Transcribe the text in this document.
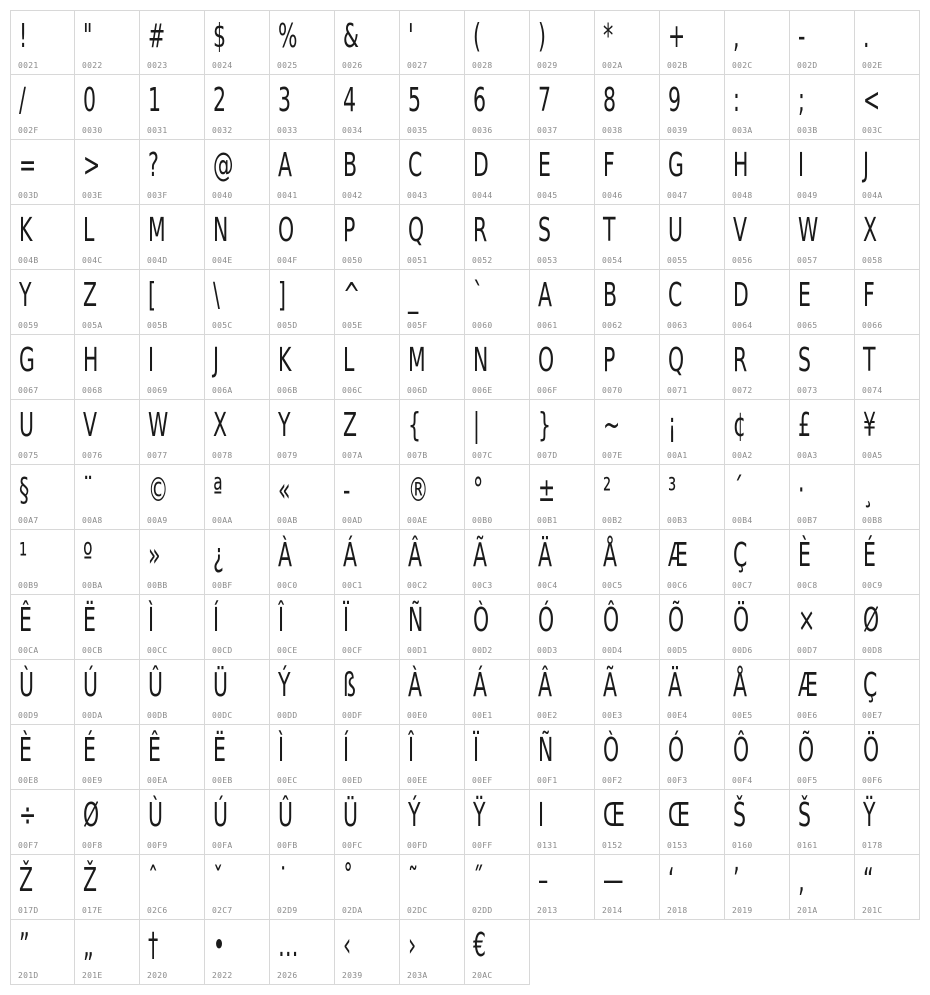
!
0021
"
0022
#
0023
$
0024
%
0025
&
0026
'
0027
(
0028
)
0029
*
002A
+
002B
,
002C
-
002D
.
002E
/
002F
0
0030
1
0031
2
0032
3
0033
4
0034
5
0035
6
0036
7
0037
8
0038
9
0039
:
003A
;
003B
<
003C
=
003D
>
003E
?
003F
@
0040
A
0041
B
0042
C
0043
D
0044
E
0045
F
0046
G
0047
H
0048
I
0049
J
004A
K
004B
L
004C
M
004D
N
004E
O
004F
P
0050
Q
0051
R
0052
S
0053
T
0054
U
0055
V
0056
W
0057
X
0058
Y
0059
Z
005A
[
005B
\
005C
]
005D
^
005E
_
005F
`
0060
A
0061
B
0062
C
0063
D
0064
E
0065
F
0066
G
0067
H
0068
I
0069
J
006A
K
006B
L
006C
M
006D
N
006E
O
006F
P
0070
Q
0071
R
0072
S
0073
T
0074
U
0075
V
0076
W
0077
X
0078
Y
0079
Z
007A
{
007B
|
007C
}
007D
~
007E
¡
00A1
¢
00A2
£
00A3
¥
00A5
§
00A7
¨
00A8
©
00A9
ª
00AA
«
00AB
-
00AD
®
00AE
°
00B0
±
00B1
²
00B2
³
00B3
´
00B4
·
00B7
¸
00B8
¹
00B9
º
00BA
»
00BB
¿
00BF
À
00C0
Á
00C1
Â
00C2
Ã
00C3
Ä
00C4
Å
00C5
Æ
00C6
Ç
00C7
È
00C8
É
00C9
Ê
00CA
Ë
00CB
Ì
00CC
Í
00CD
Î
00CE
Ï
00CF
Ñ
00D1
Ò
00D2
Ó
00D3
Ô
00D4
Õ
00D5
Ö
00D6
×
00D7
Ø
00D8
Ù
00D9
Ú
00DA
Û
00DB
Ü
00DC
Ý
00DD
ß
00DF
À
00E0
Á
00E1
Â
00E2
Ã
00E3
Ä
00E4
Å
00E5
Æ
00E6
Ç
00E7
È
00E8
É
00E9
Ê
00EA
Ë
00EB
Ì
00EC
Í
00ED
Î
00EE
Ï
00EF
Ñ
00F1
Ò
00F2
Ó
00F3
Ô
00F4
Õ
00F5
Ö
00F6
÷
00F7
Ø
00F8
Ù
00F9
Ú
00FA
Û
00FB
Ü
00FC
Ý
00FD
Ÿ
00FF
I
0131
Œ
0152
Œ
0153
Š
0160
Š
0161
Ÿ
0178
Ž
017D
Ž
017E
ˆ
02C6
ˇ
02C7
˙
02D9
˚
02DA
˜
02DC
˝
02DD
–
2013
—
2014
‘
2018
’
2019
‚
201A
“
201C
”
201D
„
201E
†
2020
•
2022
…
2026
‹
2039
›
203A
€
20AC
